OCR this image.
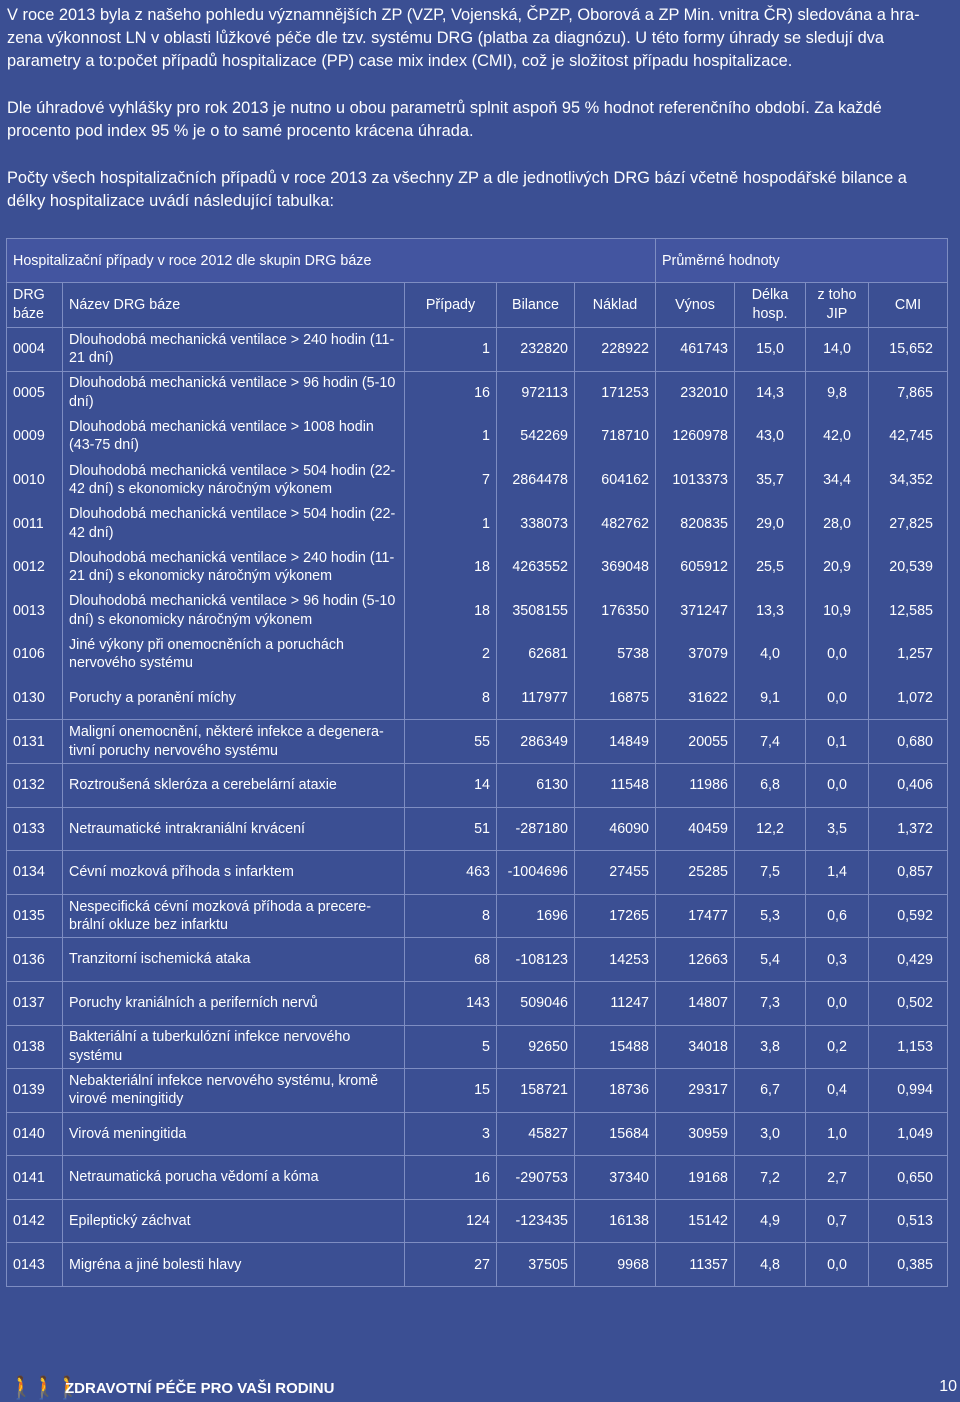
V roce 2013 byla z našeho pohledu významnějších ZP (VZP, Vojenská, ČPZP, Oborová a ZP Min. vnitra ČR) sledována a hra-zena výkonnost LN v oblasti lůžkové péče dle tzv. systému DRG (platba za diagnózu). U této formy úhrady se sledují dva parametry a to:počet případů hospitalizace (PP) case mix index (CMI), což je složitost případu hospitalizace.

Dle úhradové vyhlášky pro rok 2013 je nutno u obou parametrů splnit aspoň 95 % hodnot referenčního období. Za každé procento pod index 95 % je o to samé procento krácena úhrada.

Počty všech hospitalizačních případů v roce 2013 za všechny ZP a dle jednotlivých DRG bází včetně hospodářské bilance a délky hospitalizace uvádí následující tabulka:

Hospitalizační případy v roce 2012 dle skupin DRG báze					Průměrné hodnoty			
DRG báze	Název DRG báze	Případy	Bilance	Náklad	Výnos	Délka hosp.	z toho JIP	CMI
0004	Dlouhodobá mechanická ventilace > 240 hodin (11-21 dní)	1	232820	228922	461743	15,0	14,0	15,652
0005	Dlouhodobá mechanická ventilace > 96 hodin (5-10 dní)	16	972113	171253	232010	14,3	9,8	7,865
0009	Dlouhodobá mechanická ventilace > 1008 hodin (43-75 dní)	1	542269	718710	1260978	43,0	42,0	42,745
0010	Dlouhodobá mechanická ventilace > 504 hodin (22-42 dní) s ekonomicky náročným výkonem	7	2864478	604162	1013373	35,7	34,4	34,352
0011	Dlouhodobá mechanická ventilace > 504 hodin (22-42 dní)	1	338073	482762	820835	29,0	28,0	27,825
0012	Dlouhodobá mechanická ventilace > 240 hodin (11-21 dní) s ekonomicky náročným výkonem	18	4263552	369048	605912	25,5	20,9	20,539
0013	Dlouhodobá mechanická ventilace > 96 hodin (5-10 dní) s ekonomicky náročným výkonem	18	3508155	176350	371247	13,3	10,9	12,585
0106	Jiné výkony při onemocněních a poruchách nervového systému	2	62681	5738	37079	4,0	0,0	1,257
0130	Poruchy a poranění míchy	8	117977	16875	31622	9,1	0,0	1,072
0131	Maligní onemocnění, některé infekce a degenera-tivní poruchy nervového systému	55	286349	14849	20055	7,4	0,1	0,680
0132	Roztroušená skleróza a cerebelární ataxie	14	6130	11548	11986	6,8	0,0	0,406
0133	Netraumatické intrakraniální krvácení	51	-287180	46090	40459	12,2	3,5	1,372
0134	Cévní mozková příhoda s infarktem	463	-1004696	27455	25285	7,5	1,4	0,857
0135	Nespecifická cévní mozková příhoda a precere-brální okluze bez infarktu	8	1696	17265	17477	5,3	0,6	0,592
0136	Tranzitorní ischemická ataka	68	-108123	14253	12663	5,4	0,3	0,429
0137	Poruchy kraniálních a periferních nervů	143	509046	11247	14807	7,3	0,0	0,502
0138	Bakteriální a tuberkulózní infekce nervového systému	5	92650	15488	34018	3,8	0,2	1,153
0139	Nebakteriální infekce nervového systému, kromě virové meningitidy	15	158721	18736	29317	6,7	0,4	0,994
0140	Virová meningitida	3	45827	15684	30959	3,0	1,0	1,049
0141	Netraumatická porucha vědomí a kóma	16	-290753	37340	19168	7,2	2,7	0,650
0142	Epileptický záchvat	124	-123435	16138	15142	4,9	0,7	0,513
0143	Migréna a jiné bolesti hlavy	27	37505	9968	11357	4,8	0,0	0,385
🚶🚶🚶
ZDRAVOTNÍ PÉČE PRO VAŠI RODINU	10
